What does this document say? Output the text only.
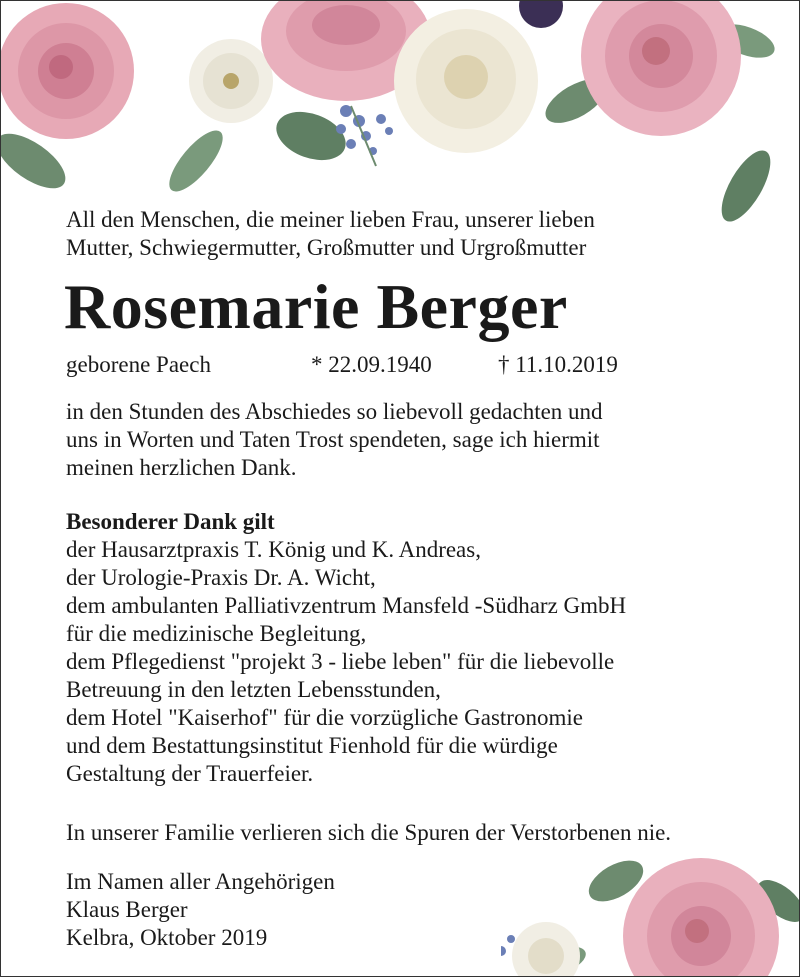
All den Menschen, die meiner lieben Frau, unserer lieben
Mutter, Schwiegermutter, Großmutter und Urgroßmutter
Rosemarie Berger
geborene Paech	* 22.09.1940	† 11.10.2019
in den Stunden des Abschiedes so liebevoll gedachten und
uns in Worten und Taten Trost spendeten, sage ich hiermit
meinen herzlichen Dank.
Besonderer Dank gilt
der Hausarztpraxis T. König und K. Andreas,
der Urologie-Praxis Dr. A. Wicht,
dem ambulanten Palliativzentrum Mansfeld -Südharz GmbH
für die medizinische Begleitung,
dem Pflegedienst "projekt 3 - liebe leben" für die liebevolle
Betreuung in den letzten Lebensstunden,
dem Hotel "Kaiserhof" für die vorzügliche Gastronomie
und dem Bestattungsinstitut Fienhold für die würdige
Gestaltung der Trauerfeier.
In unserer Familie verlieren sich die Spuren der Verstorbenen nie.
Im Namen aller Angehörigen
Klaus Berger
Kelbra, Oktober 2019
